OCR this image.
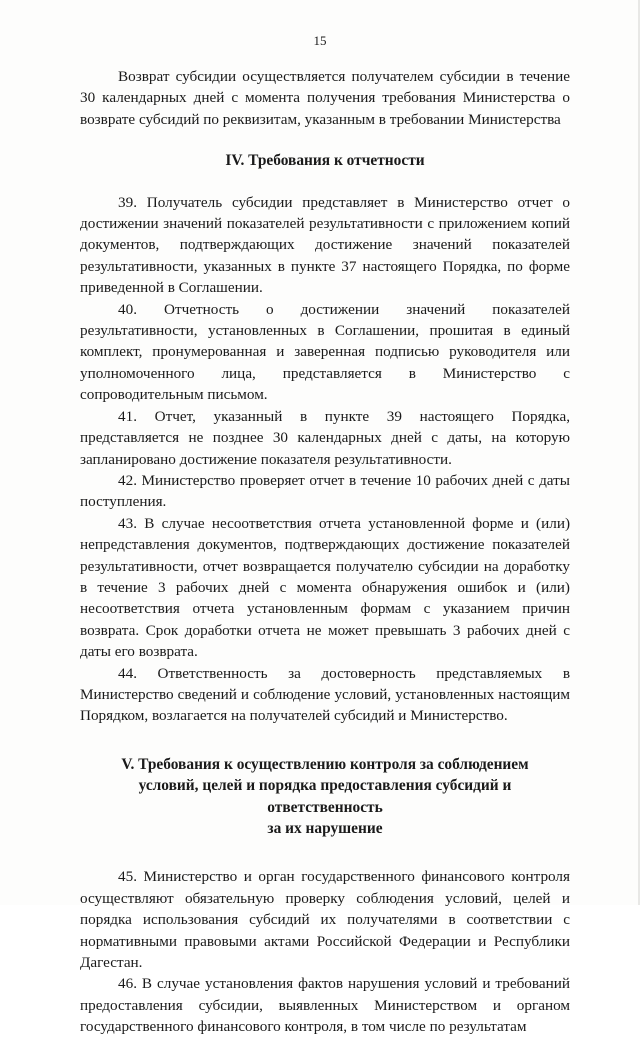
15

Возврат субсидии осуществляется получателем субсидии в течение 30 календарных дней с момента получения требования Министерства о возврате субсидий по реквизитам, указанным в требовании Министерства

IV. Требования к отчетности

39. Получатель субсидии представляет в Министерство отчет о достижении значений показателей результативности с приложением копий документов, подтверждающих достижение значений показателей результативности, указанных в пункте 37 настоящего Порядка, по форме приведенной в Соглашении.

40. Отчетность о достижении значений показателей результативности, установленных в Соглашении, прошитая в единый комплект, пронумерованная и заверенная подписью руководителя или уполномоченного лица, представляется в Министерство с сопроводительным письмом.

41. Отчет, указанный в пункте 39 настоящего Порядка, представляется не позднее 30 календарных дней с даты, на которую запланировано достижение показателя результативности.

42. Министерство проверяет отчет в течение 10 рабочих дней с даты поступления.

43. В случае несоответствия отчета установленной форме и (или) непредставления документов, подтверждающих достижение показателей результативности, отчет возвращается получателю субсидии на доработку в течение 3 рабочих дней с момента обнаружения ошибок и (или) несоответствия отчета установленным формам с указанием причин возврата. Срок доработки отчета не может превышать 3 рабочих дней с даты его возврата.

44. Ответственность за достоверность представляемых в Министерство сведений и соблюдение условий, установленных настоящим Порядком, возлагается на получателей субсидий и Министерство.

V. Требования к осуществлению контроля за соблюдением
условий, целей и порядка предоставления субсидий и ответственность
за их нарушение

45. Министерство и орган государственного финансового контроля осуществляют обязательную проверку соблюдения условий, целей и порядка использования субсидий их получателями в соответствии с нормативными правовыми актами Российской Федерации и Республики Дагестан.

46. В случае установления фактов нарушения условий и требований предоставления субсидии, выявленных Министерством и органом государственного финансового контроля, в том числе по результатам
